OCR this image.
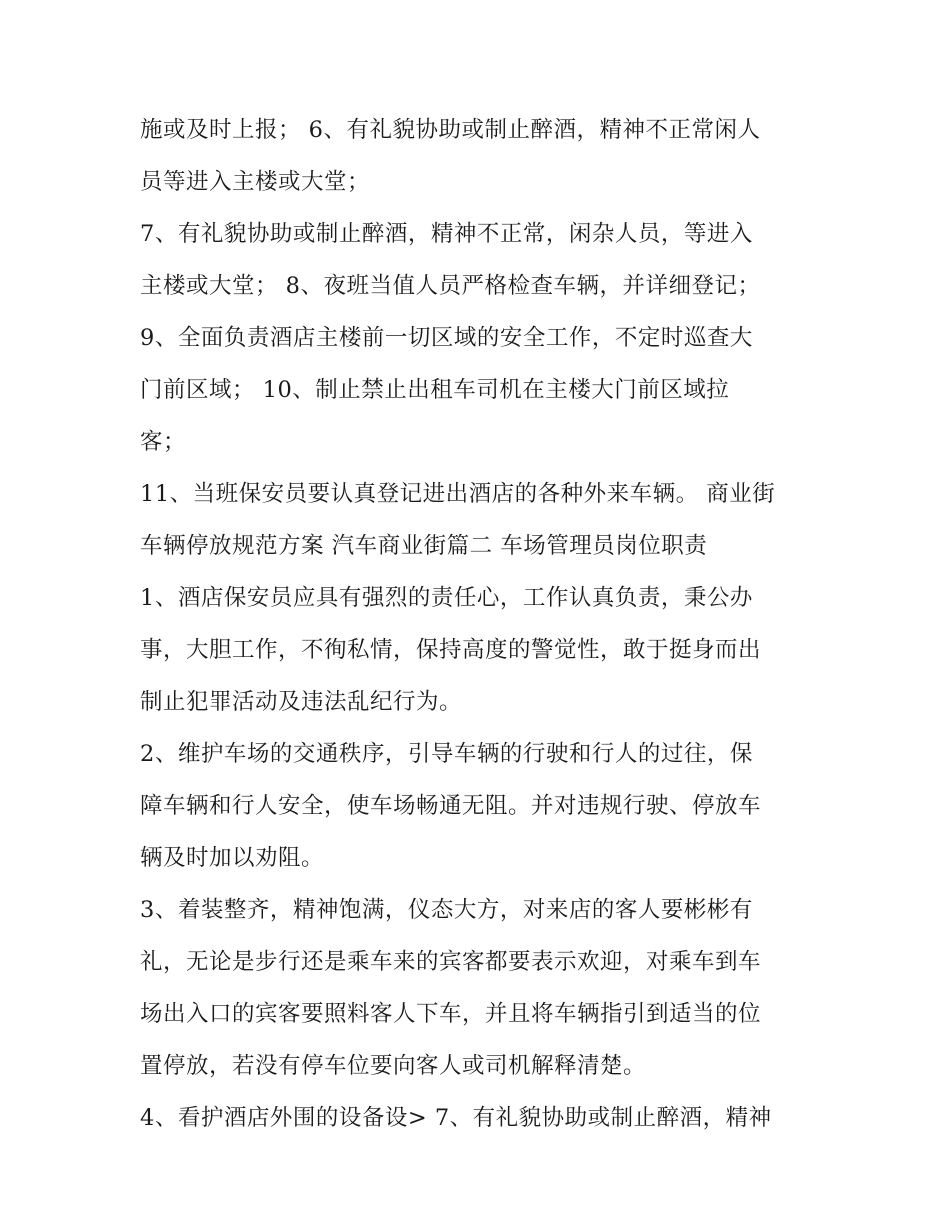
施或及时上报； 6、有礼貌协助或制止醉酒，精神不正常闲人
员等进入主楼或大堂；
7、有礼貌协助或制止醉酒，精神不正常，闲杂人员，等进入
主楼或大堂； 8、夜班当值人员严格检查车辆，并详细登记；
9、全面负责酒店主楼前一切区域的安全工作，不定时巡查大
门前区域； 10、制止禁止出租车司机在主楼大门前区域拉
客；
11、当班保安员要认真登记进出酒店的各种外来车辆。 商业街
车辆停放规范方案 汽车商业街篇二 车场管理员岗位职责
1、酒店保安员应具有强烈的责任心，工作认真负责，秉公办
事，大胆工作，不徇私情，保持高度的警觉性，敢于挺身而出
制止犯罪活动及违法乱纪行为。
2、维护车场的交通秩序，引导车辆的行驶和行人的过往，保
障车辆和行人安全，使车场畅通无阻。并对违规行驶、停放车
辆及时加以劝阻。
3、着装整齐，精神饱满，仪态大方，对来店的客人要彬彬有
礼，无论是步行还是乘车来的宾客都要表示欢迎，对乘车到车
场出入口的宾客要照料客人下车，并且将车辆指引到适当的位
置停放，若没有停车位要向客人或司机解释清楚。
4、看护酒店外围的设备设> 7、有礼貌协助或制止醉酒，精神
